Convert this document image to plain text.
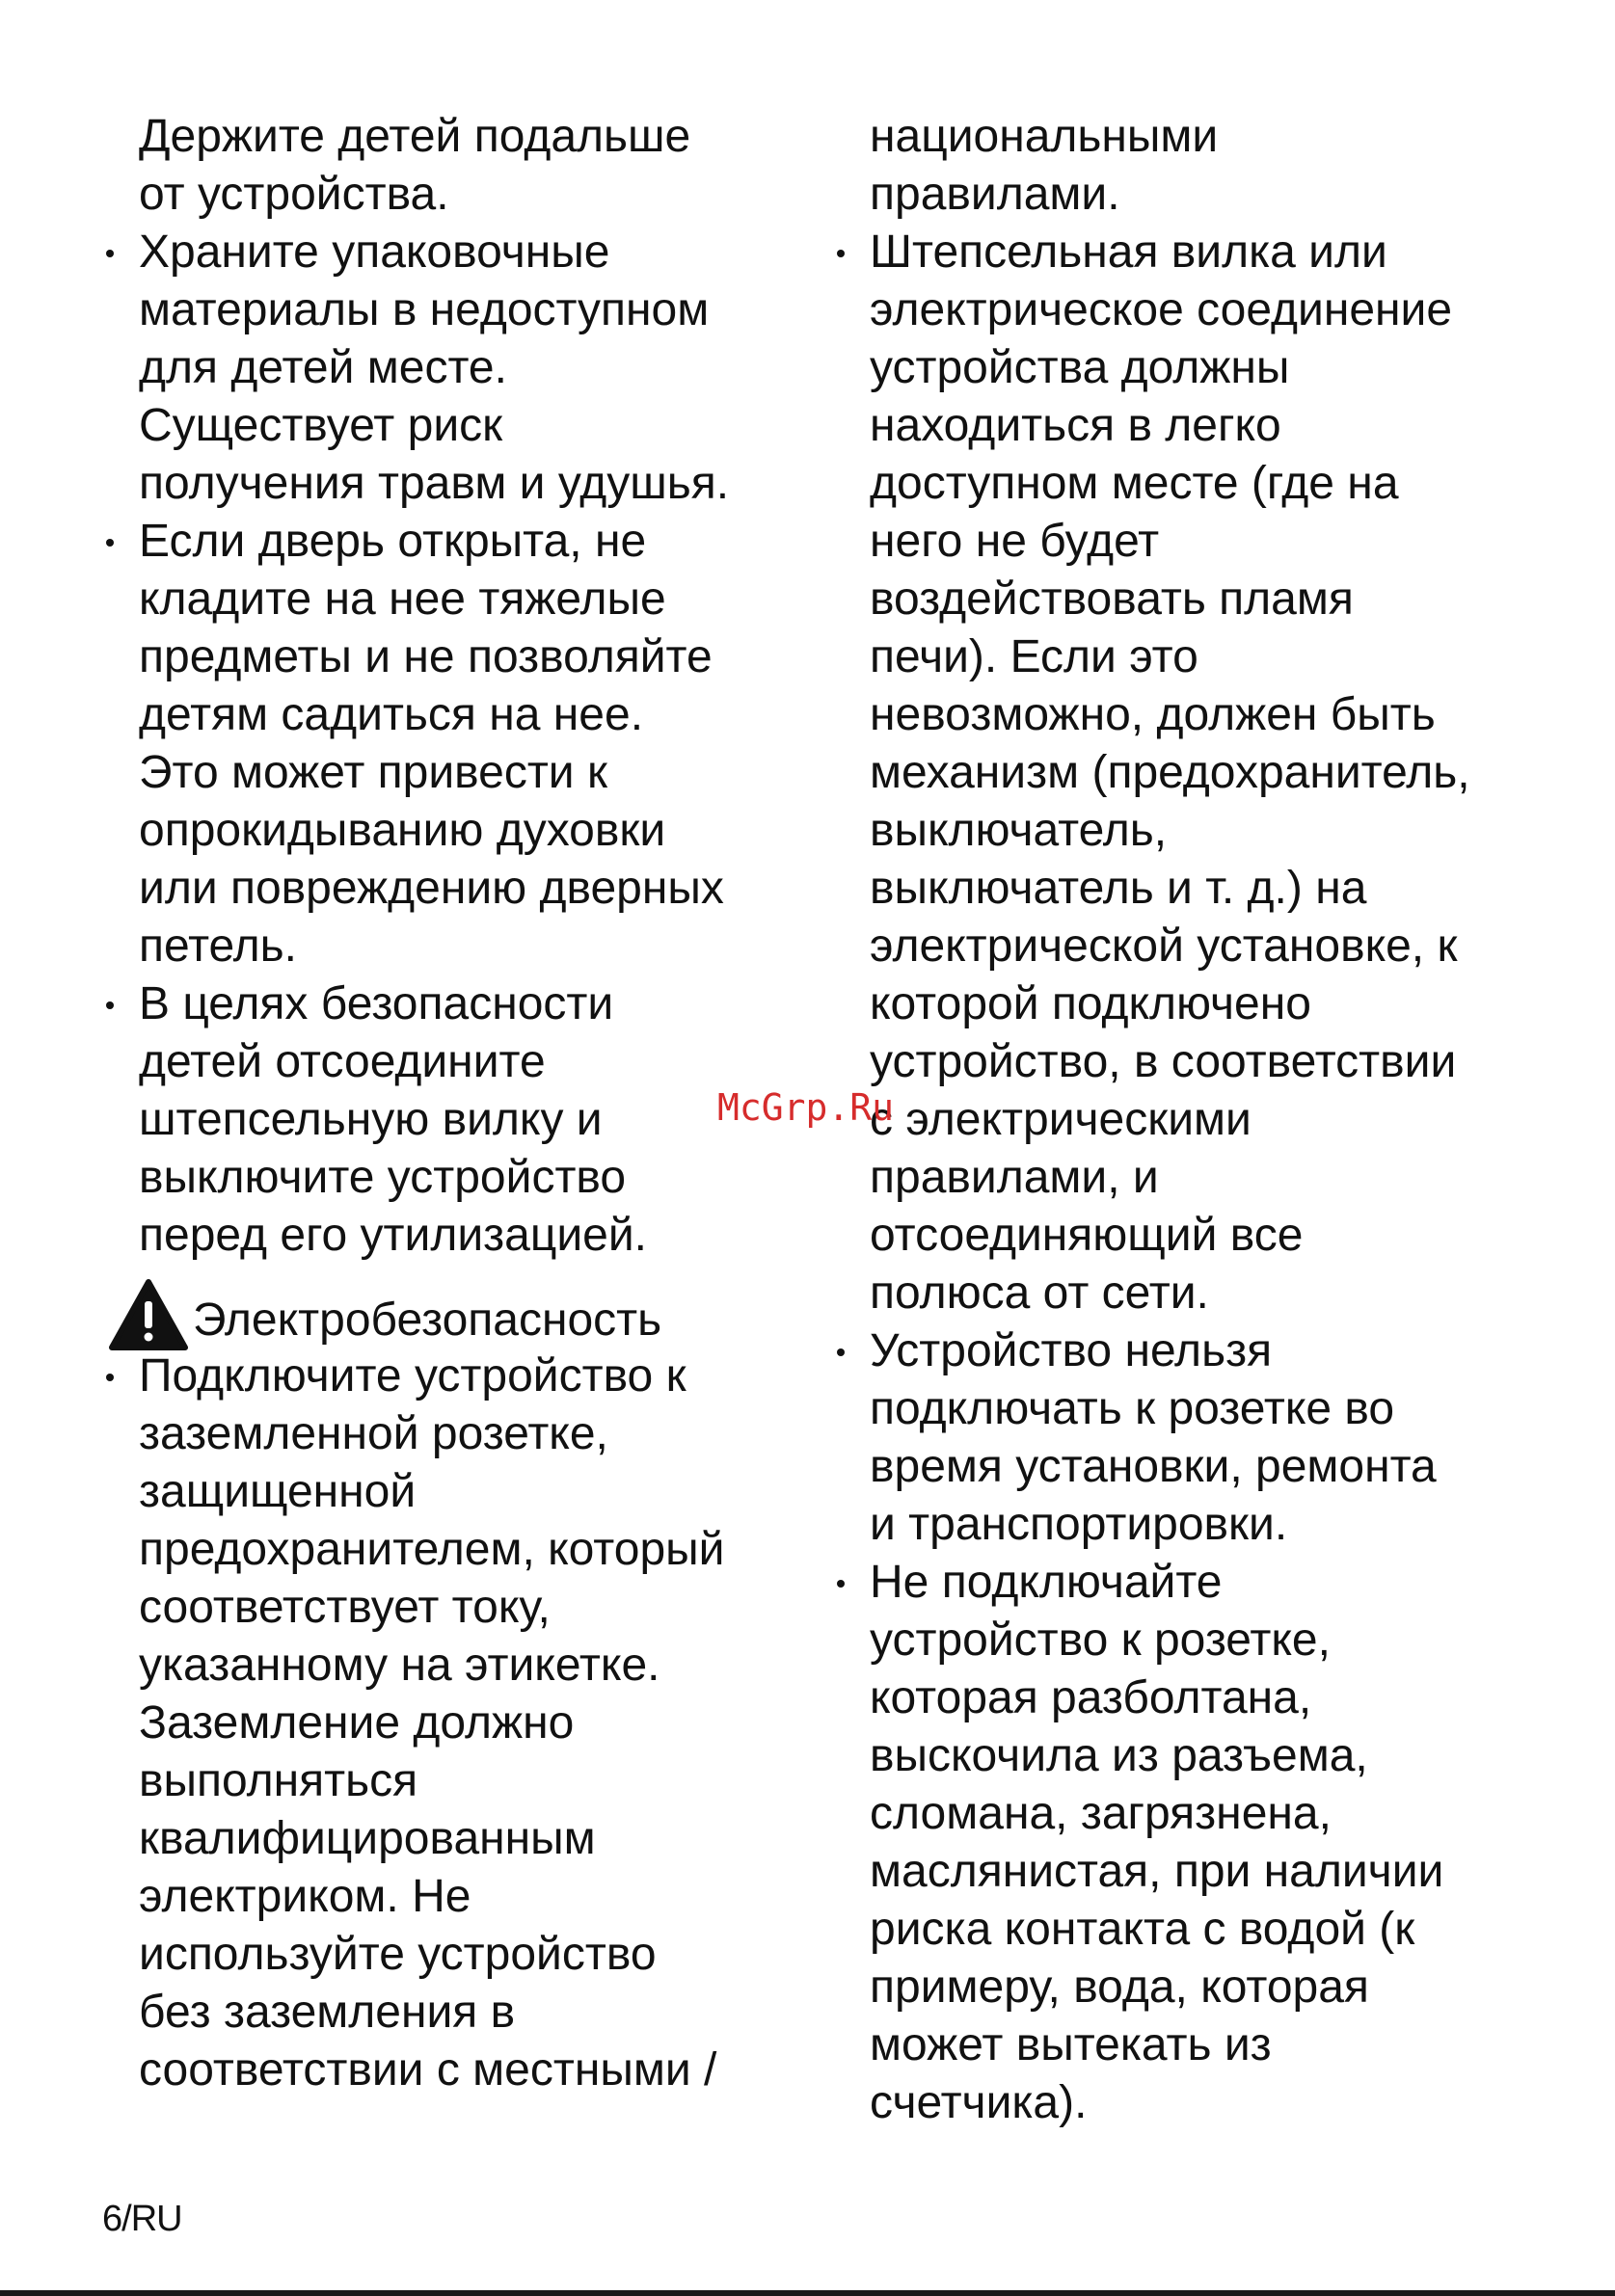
Держите детей подальше
от устройства.
Храните упаковочные
материалы в недоступном
для детей месте.
Существует риск
получения травм и удушья.
Если дверь открыта, не
кладите на нее тяжелые
предметы и не позволяйте
детям садиться на нее.
Это может привести к
опрокидыванию духовки
или повреждению дверных
петель.
В целях безопасности
детей отсоедините
штепсельную вилку и
выключите устройство
перед его утилизацией.
Электробезопасность
Подключите устройство к
заземленной розетке,
защищенной
предохранителем, который
соответствует току,
указанному на этикетке.
Заземление должно
выполняться
квалифицированным
электриком. Не
используйте устройство
без заземления в
соответствии с местными /
национальными
правилами.
Штепсельная вилка или
электрическое соединение
устройства должны
находиться в легко
доступном месте (где на
него не будет
воздействовать пламя
печи). Если это
невозможно, должен быть
механизм (предохранитель,
выключатель,
выключатель и т. д.) на
электрической установке, к
которой подключено
устройство, в соответствии
с электрическими
правилами, и
отсоединяющий все
полюса от сети.
Устройство нельзя
подключать к розетке во
время установки, ремонта
и транспортировки.
Не подключайте
устройство к розетке,
которая разболтана,
выскочила из разъема,
сломана, загрязнена,
маслянистая, при наличии
риска контакта с водой (к
примеру, вода, которая
может вытекать из
счетчика).
McGrp.Ru
6/RU
